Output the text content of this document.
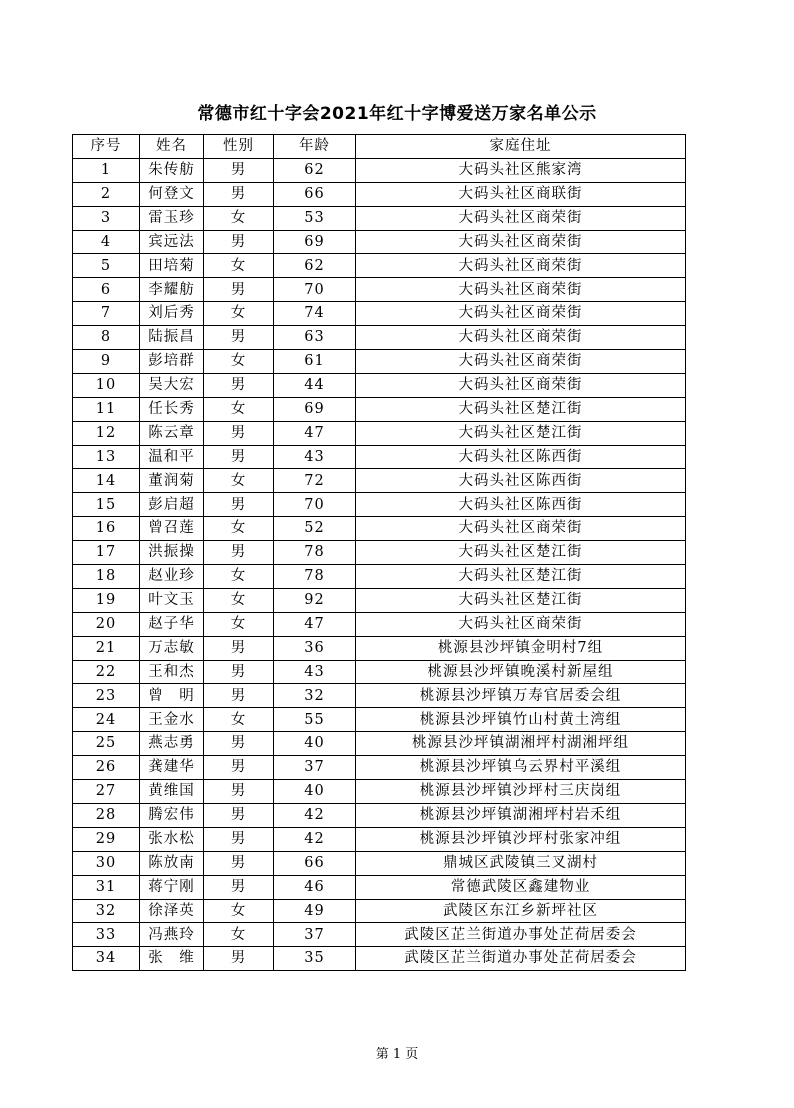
常德市红十字会2021年红十字博爱送万家名单公示
序号	姓名	性别	年龄	家庭住址
1	朱传舫	男	62	大码头社区熊家湾
2	何登文	男	66	大码头社区商联街
3	雷玉珍	女	53	大码头社区商荣街
4	宾远法	男	69	大码头社区商荣街
5	田培菊	女	62	大码头社区商荣街
6	李耀舫	男	70	大码头社区商荣街
7	刘后秀	女	74	大码头社区商荣街
8	陆振昌	男	63	大码头社区商荣街
9	彭培群	女	61	大码头社区商荣街
10	吴大宏	男	44	大码头社区商荣街
11	任长秀	女	69	大码头社区楚江街
12	陈云章	男	47	大码头社区楚江街
13	温和平	男	43	大码头社区陈西街
14	董润菊	女	72	大码头社区陈西街
15	彭启超	男	70	大码头社区陈西街
16	曾召莲	女	52	大码头社区商荣街
17	洪振操	男	78	大码头社区楚江街
18	赵业珍	女	78	大码头社区楚江街
19	叶文玉	女	92	大码头社区楚江街
20	赵子华	女	47	大码头社区商荣街
21	万志敏	男	36	桃源县沙坪镇金明村7组
22	王和杰	男	43	桃源县沙坪镇晚溪村新屋组
23	曾　明	男	32	桃源县沙坪镇万寿官居委会组
24	王金水	女	55	桃源县沙坪镇竹山村黄土湾组
25	燕志勇	男	40	桃源县沙坪镇湖湘坪村湖湘坪组
26	龚建华	男	37	桃源县沙坪镇乌云界村平溪组
27	黄维国	男	40	桃源县沙坪镇沙坪村三庆岗组
28	腾宏伟	男	42	桃源县沙坪镇湖湘坪村岩禾组
29	张水松	男	42	桃源县沙坪镇沙坪村张家冲组
30	陈放南	男	66	鼎城区武陵镇三叉湖村
31	蒋宁刚	男	46	常德武陵区鑫建物业
32	徐泽英	女	49	武陵区东江乡新坪社区
33	冯燕玲	女	37	武陵区芷兰街道办事处芷荷居委会
34	张　维	男	35	武陵区芷兰街道办事处芷荷居委会
第 1 页
